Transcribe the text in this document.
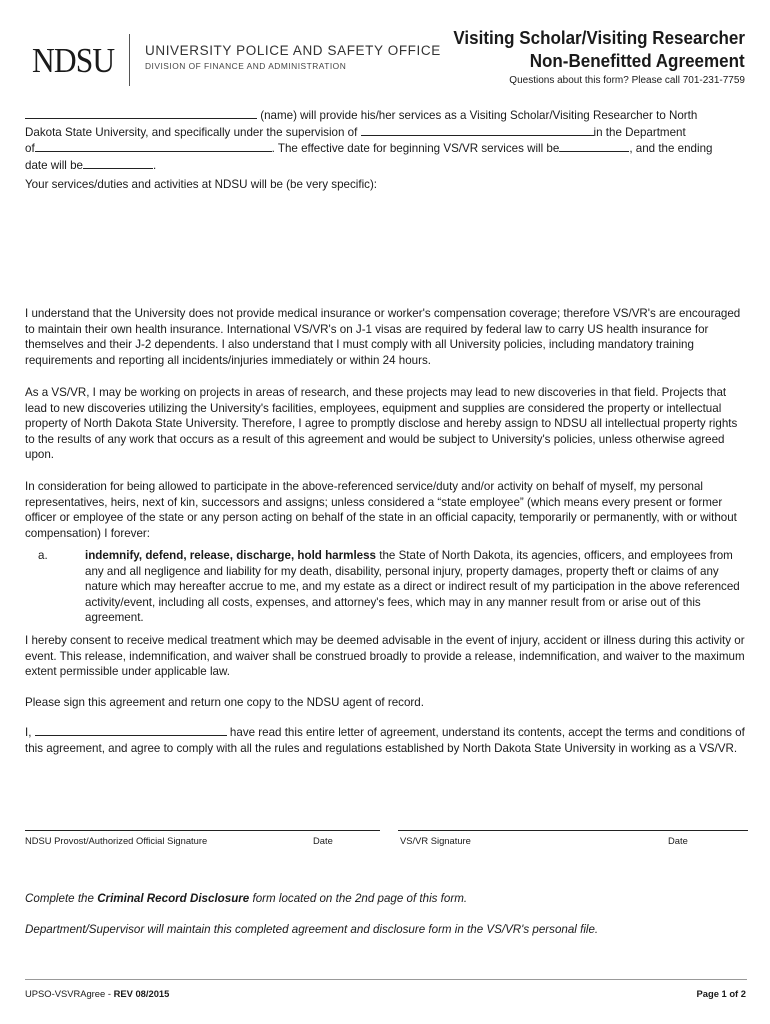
NDSU UNIVERSITY POLICE AND SAFETY OFFICE
DIVISION OF FINANCE AND ADMINISTRATION
Visiting Scholar/Visiting Researcher
Non-Benefitted Agreement
Questions about this form? Please call 701-231-7759
(name) will provide his/her services as a Visiting Scholar/Visiting Researcher to North
Dakota State University, and specifically under the supervision of	in the Department
of	. The effective date for beginning VS/VR services will be	, and the ending
date will be	.
Your services/duties and activities at NDSU will be (be very specific):
I understand that the University does not provide medical insurance or worker's compensation coverage; therefore VS/VR's are encouraged to maintain their own health insurance. International VS/VR's on J-1 visas are required by federal law to carry US health insurance for themselves and their J-2 dependents. I also understand that I must comply with all University policies, including mandatory training requirements and reporting all incidents/injuries immediately or within 24 hours.
As a VS/VR, I may be working on projects in areas of research, and these projects may lead to new discoveries in that field. Projects that lead to new discoveries utilizing the University's facilities, employees, equipment and supplies are considered the property or intellectual property of North Dakota State University. Therefore, I agree to promptly disclose and hereby assign to NDSU all intellectual property rights to the results of any work that occurs as a result of this agreement and would be subject to University's policies, unless otherwise agreed upon.
In consideration for being allowed to participate in the above-referenced service/duty and/or activity on behalf of myself, my personal representatives, heirs, next of kin, successors and assigns; unless considered a “state employee” (which means every present or former officer or employee of the state or any person acting on behalf of the state in an official capacity, temporarily or permanently, with or without compensation) I forever:
a.	indemnify, defend, release, discharge, hold harmless the State of North Dakota, its agencies, officers, and employees from any and all negligence and liability for my death, disability, personal injury, property damages, property theft or claims of any nature which may hereafter accrue to me, and my estate as a direct or indirect result of my participation in the above referenced activity/event, including all costs, expenses, and attorney's fees, which may in any manner result from or arise out of this agreement.
I hereby consent to receive medical treatment which may be deemed advisable in the event of injury, accident or illness during this activity or event. This release, indemnification, and waiver shall be construed broadly to provide a release, indemnification, and waiver to the maximum extent permissible under applicable law.
Please sign this agreement and return one copy to the NDSU agent of record.
I,	have read this entire letter of agreement, understand its contents, accept the terms and conditions of this agreement, and agree to comply with all the rules and regulations established by North Dakota State University in working as a VS/VR.
NDSU Provost/Authorized Official Signature	Date	VS/VR Signature	Date
Complete the Criminal Record Disclosure form located on the 2nd page of this form.
Department/Supervisor will maintain this completed agreement and disclosure form in the VS/VR's personal file.
UPSO-VSVRAgree - REV 08/2015	Page 1 of 2
